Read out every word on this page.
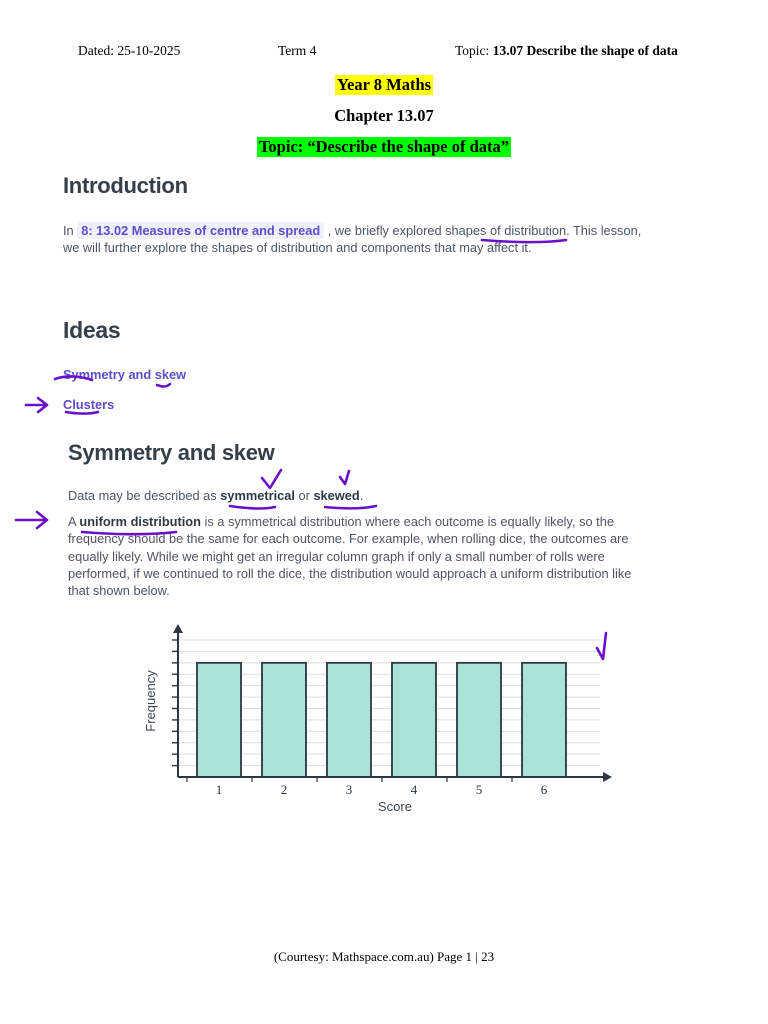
Dated: 25-10-2025	Term 4	Topic: 13.07 Describe the shape of data
Year 8 Maths
Chapter 13.07
Topic: “Describe the shape of data”
Introduction
In 8: 13.02 Measures of centre and spread , we briefly explored shapes of distribution. This lesson,
we will further explore the shapes of distribution and components that may affect it.
Ideas
Symmetry and skew
Clusters
Symmetry and skew
Data may be described as symmetrical or skewed.
A uniform distribution is a symmetrical distribution where each outcome is equally likely, so the
frequency should be the same for each outcome. For example, when rolling dice, the outcomes are
equally likely. While we might get an irregular column graph if only a small number of rolls were
performed, if we continued to roll the dice, the distribution would approach a uniform distribution like
that shown below.
1	2	3	4	5	6
Score
Frequency
(Courtesy: Mathspace.com.au) Page 1 | 23
